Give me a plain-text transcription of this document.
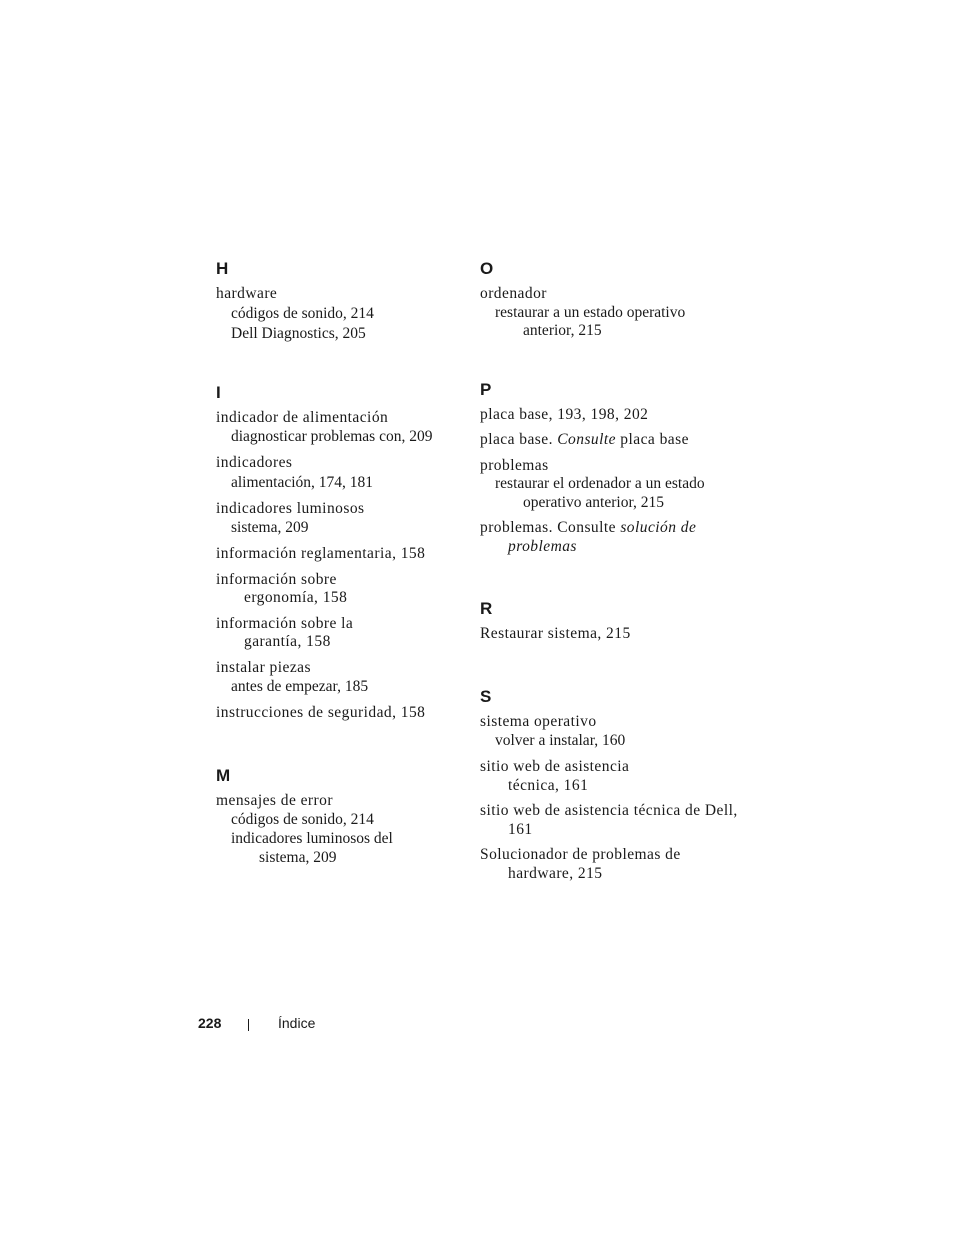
H
hardware
códigos de sonido, 214
Dell Diagnostics, 205
I
indicador de alimentación
diagnosticar problemas con, 209
indicadores
alimentación, 174, 181
indicadores luminosos
sistema, 209
información reglamentaria, 158
información sobre ergonomía, 158
información sobre la garantía, 158
instalar piezas
antes de empezar, 185
instrucciones de seguridad, 158
M
mensajes de error
códigos de sonido, 214
indicadores luminosos del sistema, 209
O
ordenador
restaurar a un estado operativo anterior, 215
P
placa base, 193, 198, 202
placa base. Consulte placa base
problemas
restaurar el ordenador a un estado operativo anterior, 215
problemas. Consulte solución de problemas
R
Restaurar sistema, 215
S
sistema operativo
volver a instalar, 160
sitio web de asistencia técnica, 161
sitio web de asistencia técnica de Dell, 161
Solucionador de problemas de hardware, 215
228	Índice
